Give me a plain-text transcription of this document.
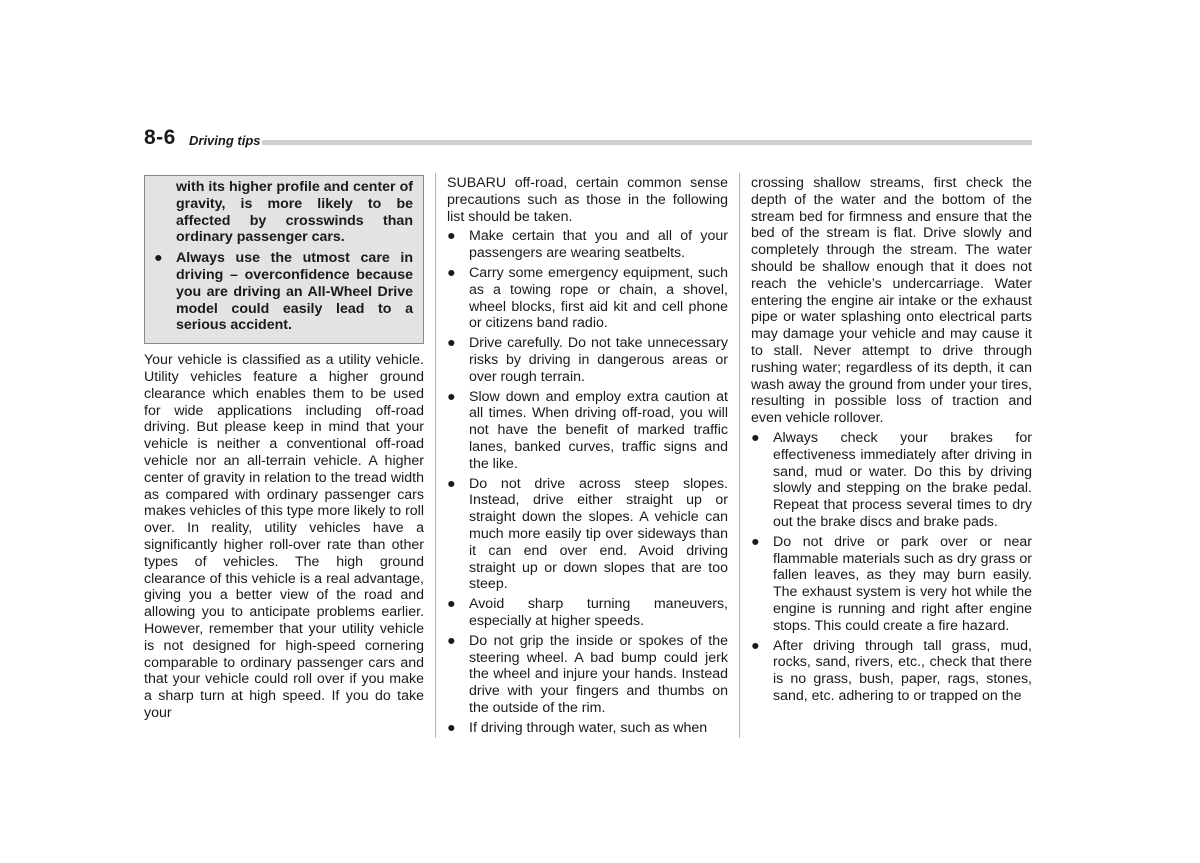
8-6 Driving tips

with its higher profile and center of gravity, is more likely to be affected by crosswinds than ordinary passenger cars.

● Always use the utmost care in driving – overconfidence because you are driving an All-Wheel Drive model could easily lead to a serious accident.

Your vehicle is classified as a utility vehicle. Utility vehicles feature a higher ground clearance which enables them to be used for wide applications including off-road driving. But please keep in mind that your vehicle is neither a conventional off-road vehicle nor an all-terrain vehicle. A higher center of gravity in relation to the tread width as compared with ordinary passenger cars makes vehicles of this type more likely to roll over. In reality, utility vehicles have a significantly higher roll-over rate than other types of vehicles. The high ground clearance of this vehicle is a real advantage, giving you a better view of the road and allowing you to anticipate problems earlier. However, remember that your utility vehicle is not designed for high-speed cornering comparable to ordinary passenger cars and that your vehicle could roll over if you make a sharp turn at high speed. If you do take your

SUBARU off-road, certain common sense precautions such as those in the following list should be taken.

● Make certain that you and all of your passengers are wearing seatbelts.

● Carry some emergency equipment, such as a towing rope or chain, a shovel, wheel blocks, first aid kit and cell phone or citizens band radio.

● Drive carefully. Do not take unnecessary risks by driving in dangerous areas or over rough terrain.

● Slow down and employ extra caution at all times. When driving off-road, you will not have the benefit of marked traffic lanes, banked curves, traffic signs and the like.

● Do not drive across steep slopes. Instead, drive either straight up or straight down the slopes. A vehicle can much more easily tip over sideways than it can end over end. Avoid driving straight up or down slopes that are too steep.

● Avoid sharp turning maneuvers, especially at higher speeds.

● Do not grip the inside or spokes of the steering wheel. A bad bump could jerk the wheel and injure your hands. Instead drive with your fingers and thumbs on the outside of the rim.

● If driving through water, such as when

crossing shallow streams, first check the depth of the water and the bottom of the stream bed for firmness and ensure that the bed of the stream is flat. Drive slowly and completely through the stream. The water should be shallow enough that it does not reach the vehicle’s undercarriage. Water entering the engine air intake or the exhaust pipe or water splashing onto electrical parts may damage your vehicle and may cause it to stall. Never attempt to drive through rushing water; regardless of its depth, it can wash away the ground from under your tires, resulting in possible loss of traction and even vehicle rollover.

● Always check your brakes for effectiveness immediately after driving in sand, mud or water. Do this by driving slowly and stepping on the brake pedal. Repeat that process several times to dry out the brake discs and brake pads.

● Do not drive or park over or near flammable materials such as dry grass or fallen leaves, as they may burn easily. The exhaust system is very hot while the engine is running and right after engine stops. This could create a fire hazard.

● After driving through tall grass, mud, rocks, sand, rivers, etc., check that there is no grass, bush, paper, rags, stones, sand, etc. adhering to or trapped on the
